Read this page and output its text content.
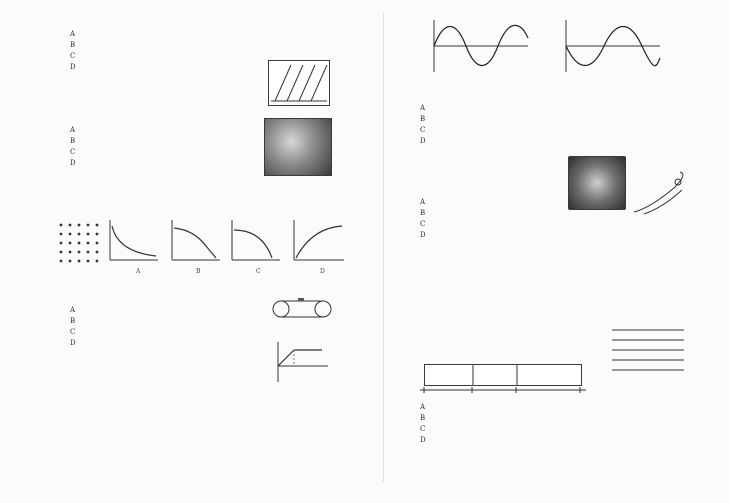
A
B
C
D
A
B
C
D
A	B	C	D
A
B
C
D
A
B
C
D
A
B
C
D
A
B
C
D
